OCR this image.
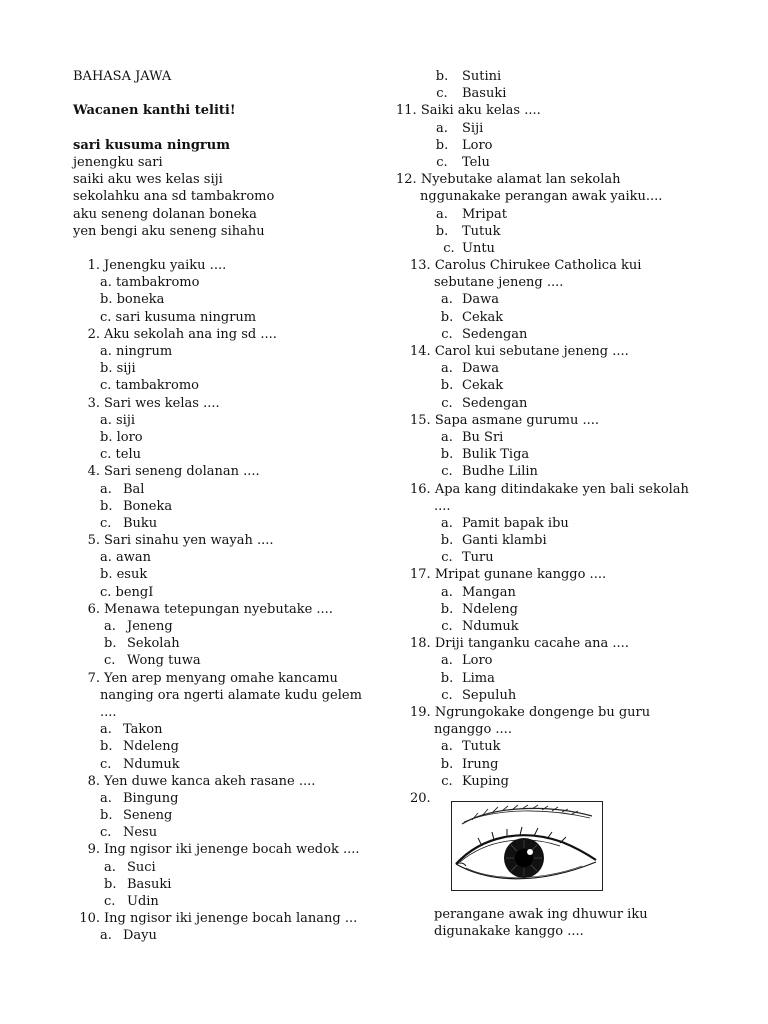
BAHASA JAWA
Wacanen kanthi teliti!
sari kusuma ningrum
jenengku sari
saiki aku wes kelas siji
sekolahku ana sd tambakromo
aku seneng dolanan boneka
yen bengi aku seneng sihahu
1. Jenengku yaiku ....
a. tambakromo
b. boneka
c. sari kusuma ningrum
2. Aku sekolah ana ing sd ....
a. ningrum
b. siji
c. tambakromo
3. Sari wes kelas ....
a. siji
b. loro
c. telu
4. Sari seneng dolanan ....
a. Bal
b. Boneka
c. Buku
5. Sari sinahu yen wayah ....
a. awan
b. esuk
c. bengI
6. Menawa tetepungan nyebutake ....
a. Jeneng
b. Sekolah
c. Wong tuwa
7. Yen arep menyang omahe kancamu
nanging ora ngerti alamate kudu gelem
....
a. Takon
b. Ndeleng
c. Ndumuk
8. Yen duwe kanca akeh rasane ....
a. Bingung
b. Seneng
c. Nesu
9. Ing ngisor iki jenenge bocah wedok ....
a. Suci
b. Basuki
c. Udin
10. Ing ngisor iki jenenge bocah lanang ...
a. Dayu
b. Sutini
c. Basuki
11. Saiki aku kelas ....
a. Siji
b. Loro
c. Telu
12. Nyebutake alamat lan sekolah
nggunakake perangan awak yaiku....
a. Mripat
b. Tutuk
c. Untu
13. Carolus Chirukee Catholica kui
sebutane jeneng ....
a. Dawa
b. Cekak
c. Sedengan
14. Carol kui sebutane jeneng ....
a. Dawa
b. Cekak
c. Sedengan
15. Sapa asmane gurumu ....
a. Bu Sri
b. Bulik Tiga
c. Budhe Lilin
16. Apa kang ditindakake yen bali sekolah
....
a. Pamit bapak ibu
b. Ganti klambi
c. Turu
17. Mripat gunane kanggo ....
a. Mangan
b. Ndeleng
c. Ndumuk
18. Driji tanganku cacahe ana ....
a. Loro
b. Lima
c. Sepuluh
19. Ngrungokake dongenge bu guru
nganggo ....
a. Tutuk
b. Irung
c. Kuping
20.
perangane awak ing dhuwur iku
digunakake kanggo ....
